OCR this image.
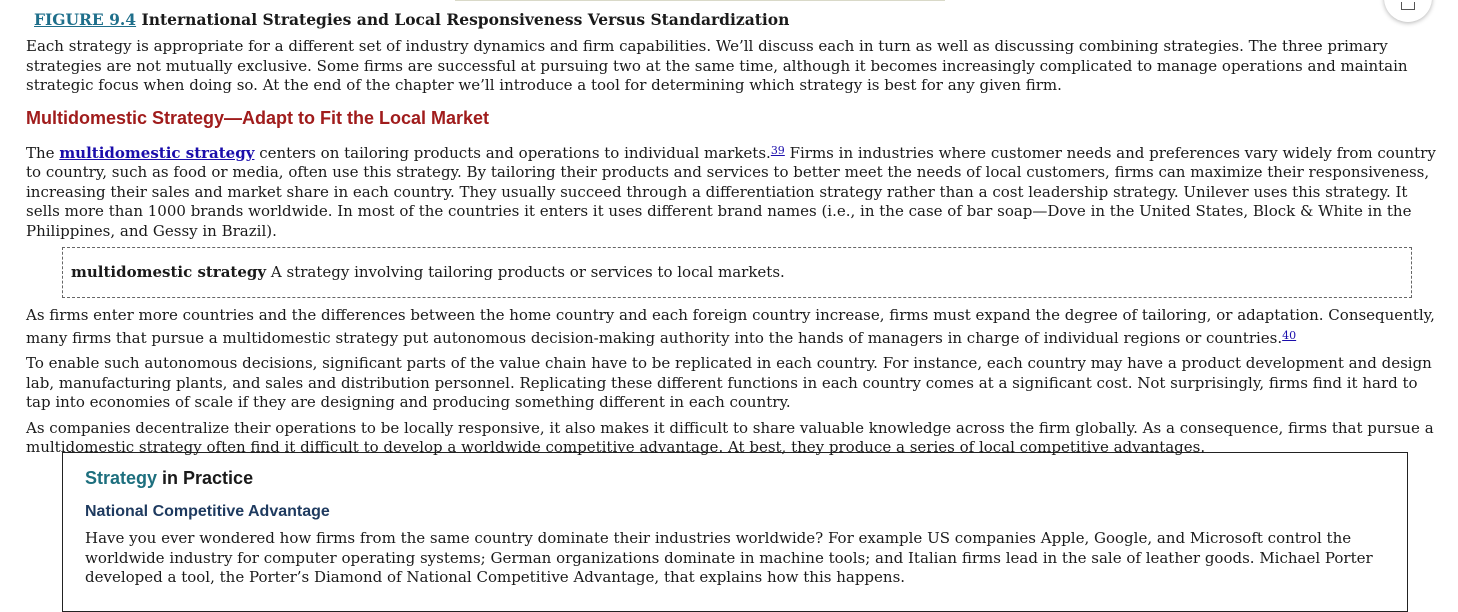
FIGURE 9.4 International Strategies and Local Responsiveness Versus Standardization

Each strategy is appropriate for a different set of industry dynamics and firm capabilities. We’ll discuss each in turn as well as discussing combining strategies. The three primary strategies are not mutually exclusive. Some firms are successful at pursuing two at the same time, although it becomes increasingly complicated to manage operations and maintain strategic focus when doing so. At the end of the chapter we’ll introduce a tool for determining which strategy is best for any given firm.

Multidomestic Strategy—Adapt to Fit the Local Market

The multidomestic strategy centers on tailoring products and operations to individual markets.$^{39}$ Firms in industries where customer needs and preferences vary widely from country to country, such as food or media, often use this strategy. By tailoring their products and services to better meet the needs of local customers, firms can maximize their responsiveness, increasing their sales and market share in each country. They usually succeed through a differentiation strategy rather than a cost leadership strategy. Unilever uses this strategy. It sells more than 1000 brands worldwide. In most of the countries it enters it uses different brand names (i.e., in the case of bar soap—Dove in the United States, Block & White in the Philippines, and Gessy in Brazil).

multidomestic strategy A strategy involving tailoring products or services to local markets.

As firms enter more countries and the differences between the home country and each foreign country increase, firms must expand the degree of tailoring, or adaptation. Consequently, many firms that pursue a multidomestic strategy put autonomous decision-making authority into the hands of managers in charge of individual regions or countries.$^{40}$

To enable such autonomous decisions, significant parts of the value chain have to be replicated in each country. For instance, each country may have a product development and design lab, manufacturing plants, and sales and distribution personnel. Replicating these different functions in each country comes at a significant cost. Not surprisingly, firms find it hard to tap into economies of scale if they are designing and producing something different in each country.

As companies decentralize their operations to be locally responsive, it also makes it difficult to share valuable knowledge across the firm globally. As a consequence, firms that pursue a multidomestic strategy often find it difficult to develop a worldwide competitive advantage. At best, they produce a series of local competitive advantages.

Strategy in Practice
National Competitive Advantage

Have you ever wondered how firms from the same country dominate their industries worldwide? For example US companies Apple, Google, and Microsoft control the worldwide industry for computer operating systems; German organizations dominate in machine tools; and Italian firms lead in the sale of leather goods. Michael Porter developed a tool, the Porter’s Diamond of National Competitive Advantage, that explains how this happens.
